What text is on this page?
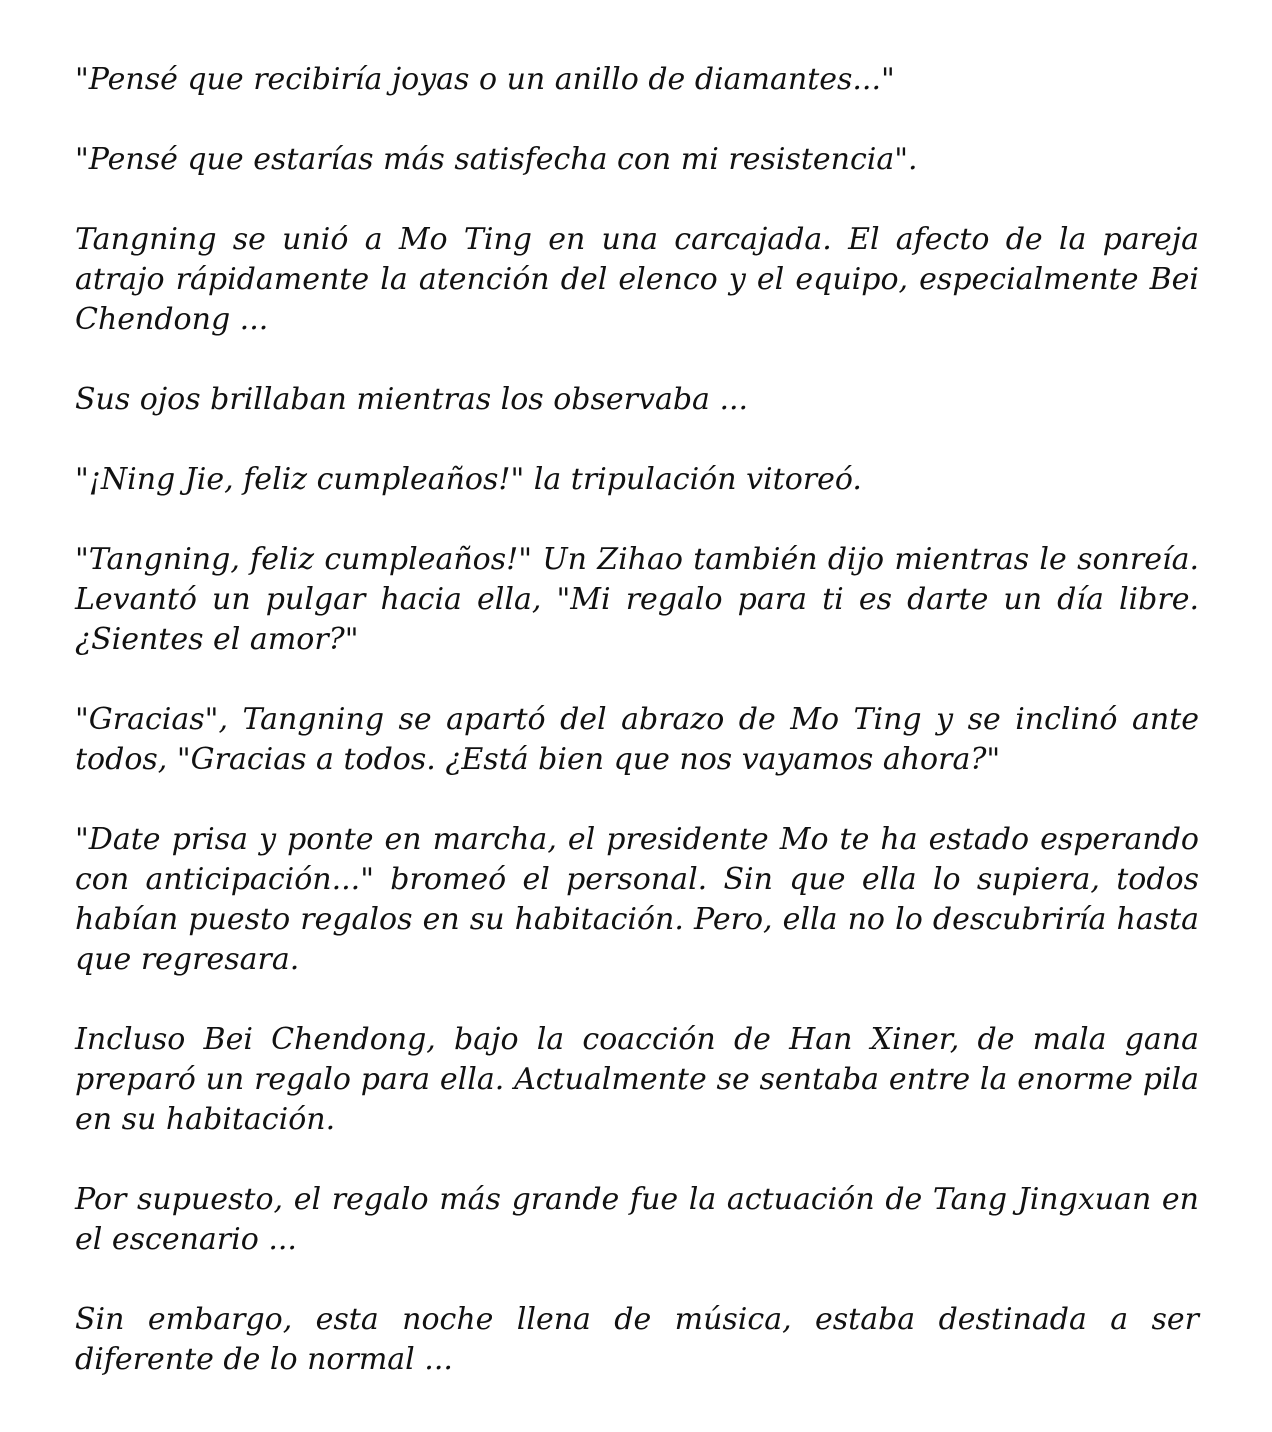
"Pensé que recibiría joyas o un anillo de diamantes..."

"Pensé que estarías más satisfecha con mi resistencia".

Tangning se unió a Mo Ting en una carcajada. El afecto de la pareja atrajo rápidamente la atención del elenco y el equipo, especialmente Bei Chendong ...

Sus ojos brillaban mientras los observaba ...

"¡Ning Jie, feliz cumpleaños!" la tripulación vitoreó.

"Tangning, feliz cumpleaños!" Un Zihao también dijo mientras le sonreía. Levantó un pulgar hacia ella, "Mi regalo para ti es darte un día libre. ¿Sientes el amor?"

"Gracias", Tangning se apartó del abrazo de Mo Ting y se inclinó ante todos, "Gracias a todos. ¿Está bien que nos vayamos ahora?"

"Date prisa y ponte en marcha, el presidente Mo te ha estado esperando con anticipación..." bromeó el personal. Sin que ella lo supiera, todos habían puesto regalos en su habitación. Pero, ella no lo descubriría hasta que regresara.

Incluso Bei Chendong, bajo la coacción de Han Xiner, de mala gana preparó un regalo para ella. Actualmente se sentaba entre la enorme pila en su habitación.

Por supuesto, el regalo más grande fue la actuación de Tang Jingxuan en el escenario ...

Sin embargo, esta noche llena de música, estaba destinada a ser diferente de lo normal ...
